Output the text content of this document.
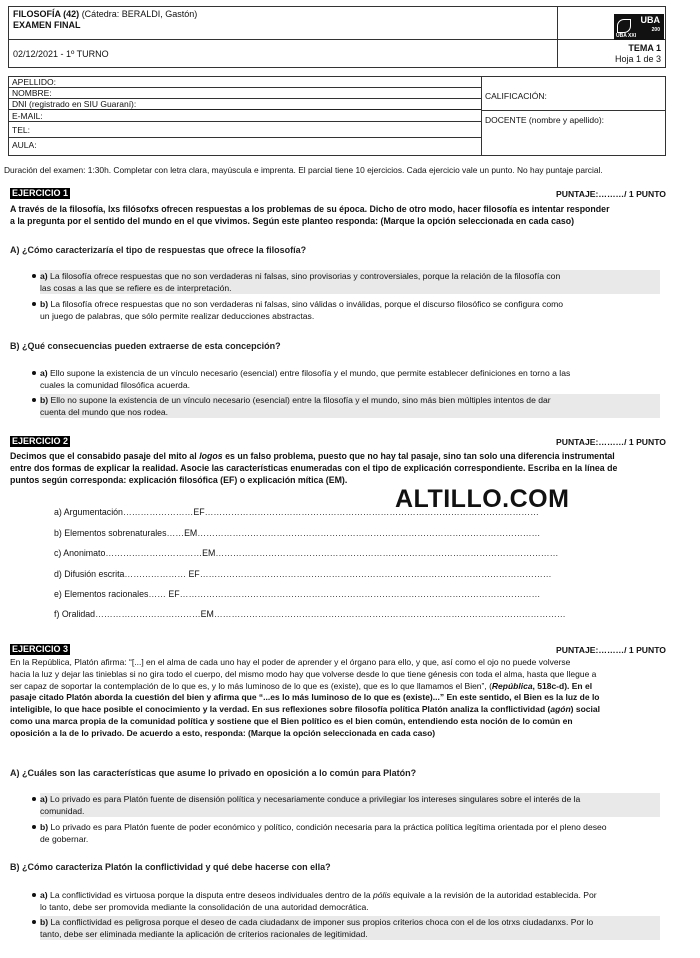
FILOSOFÍA (42) (Cátedra: BERALDI, Gastón)
EXAMEN FINAL	UBA
200
UBA XXI
02/12/2021 - 1º TURNO
TEMA 1
Hoja 1 de 3
APELLIDO:
NOMBRE:
DNI (registrado en SIU Guaraní):
E-MAIL:
TEL:
AULA:
CALIFICACIÓN:
DOCENTE (nombre y apellido):
Duración del examen: 1:30h. Completar con letra clara, mayúscula e imprenta. El parcial tiene 10 ejercicios. Cada ejercicio vale un punto. No hay puntaje parcial.
EJERCICIO 1	PUNTAJE:………/ 1 PUNTO
A través de la filosofía, lxs filósofxs ofrecen respuestas a los problemas de su época. Dicho de otro modo, hacer filosofía es intentar responder
a la pregunta por el sentido del mundo en el que vivimos. Según este planteo responda: (Marque la opción seleccionada en cada caso)
A) ¿Cómo caracterizaría el tipo de respuestas que ofrece la filosofía?
a) La filosofía ofrece respuestas que no son verdaderas ni falsas, sino provisorias y controversiales, porque la relación de la filosofía con
las cosas a las que se refiere es de interpretación.
b) La filosofía ofrece respuestas que no son verdaderas ni falsas, sino válidas o inválidas, porque el discurso filosófico se configura como
un juego de palabras, que sólo permite realizar deducciones abstractas.
B) ¿Qué consecuencias pueden extraerse de esta concepción?
a) Ello supone la existencia de un vínculo necesario (esencial) entre filosofía y el mundo, que permite establecer definiciones en torno a las
cuales la comunidad filosófica acuerda.
b) Ello no supone la existencia de un vínculo necesario (esencial) entre la filosofía y el mundo, sino más bien múltiples intentos de dar
cuenta del mundo que nos rodea.
EJERCICIO 2	PUNTAJE:………/ 1 PUNTO
Decimos que el consabido pasaje del mito al logos es un falso problema, puesto que no hay tal pasaje, sino tan solo una diferencia instrumental
entre dos formas de explicar la realidad. Asocie las características enumeradas con el tipo de explicación correspondiente. Escriba en la línea de
puntos según corresponda: explicación filosófica (EF) o explicación mítica (EM).
ALTILLO.COM
a) Argumentación……………………EF……………………………………………………………………………………………………
b) Elementos sobrenaturales……EM………………………………………………………………………………………………………
c) Anonimato……………………………EM………………………………………………………………………………………………………
d) Difusión escrita………………… EF…………………………………………………………………………………………………………
e) Elementos racionales…… EF……………………………………………………………………………………………………………
f) Oralidad………………………………EM…………………………………………………………………………………………………………
EJERCICIO 3	PUNTAJE:………/ 1 PUNTO
En la República, Platón afirma: “[...] en el alma de cada uno hay el poder de aprender y el órgano para ello, y que, así como el ojo no puede volverse
hacia la luz y dejar las tinieblas si no gira todo el cuerpo, del mismo modo hay que volverse desde lo que tiene génesis con toda el alma, hasta que llegue a
ser capaz de soportar la contemplación de lo que es, y lo más luminoso de lo que es (existe), que es lo que llamamos el Bien”, (República, 518c-d). En el
pasaje citado Platón aborda la cuestión del bien y afirma que “...es lo más luminoso de lo que es (existe)...” En este sentido, el Bien es la luz de lo
inteligible, lo que hace posible el conocimiento y la verdad. En sus reflexiones sobre filosofía política Platón analiza la conflictividad (agón) social
como una marca propia de la comunidad política y sostiene que el Bien político es el bien común, entendiendo esta noción de lo común en
oposición a la de lo privado. De acuerdo a esto, responda: (Marque la opción seleccionada en cada caso)
A) ¿Cuáles son las características que asume lo privado en oposición a lo común para Platón?
a) Lo privado es para Platón fuente de disensión política y necesariamente conduce a privilegiar los intereses singulares sobre el interés de la
comunidad.
b) Lo privado es para Platón fuente de poder económico y político, condición necesaria para la práctica política legítima orientada por el pleno deseo
de gobernar.
B) ¿Cómo caracteriza Platón la conflictividad y qué debe hacerse con ella?
a) La conflictividad es virtuosa porque la disputa entre deseos individuales dentro de la pólis equivale a la revisión de la autoridad establecida. Por
lo tanto, debe ser promovida mediante la consolidación de una autoridad democrática.
b) La conflictividad es peligrosa porque el deseo de cada ciudadanx de imponer sus propios criterios choca con el de los otrxs ciudadanxs. Por lo
tanto, debe ser eliminada mediante la aplicación de criterios racionales de legitimidad.
